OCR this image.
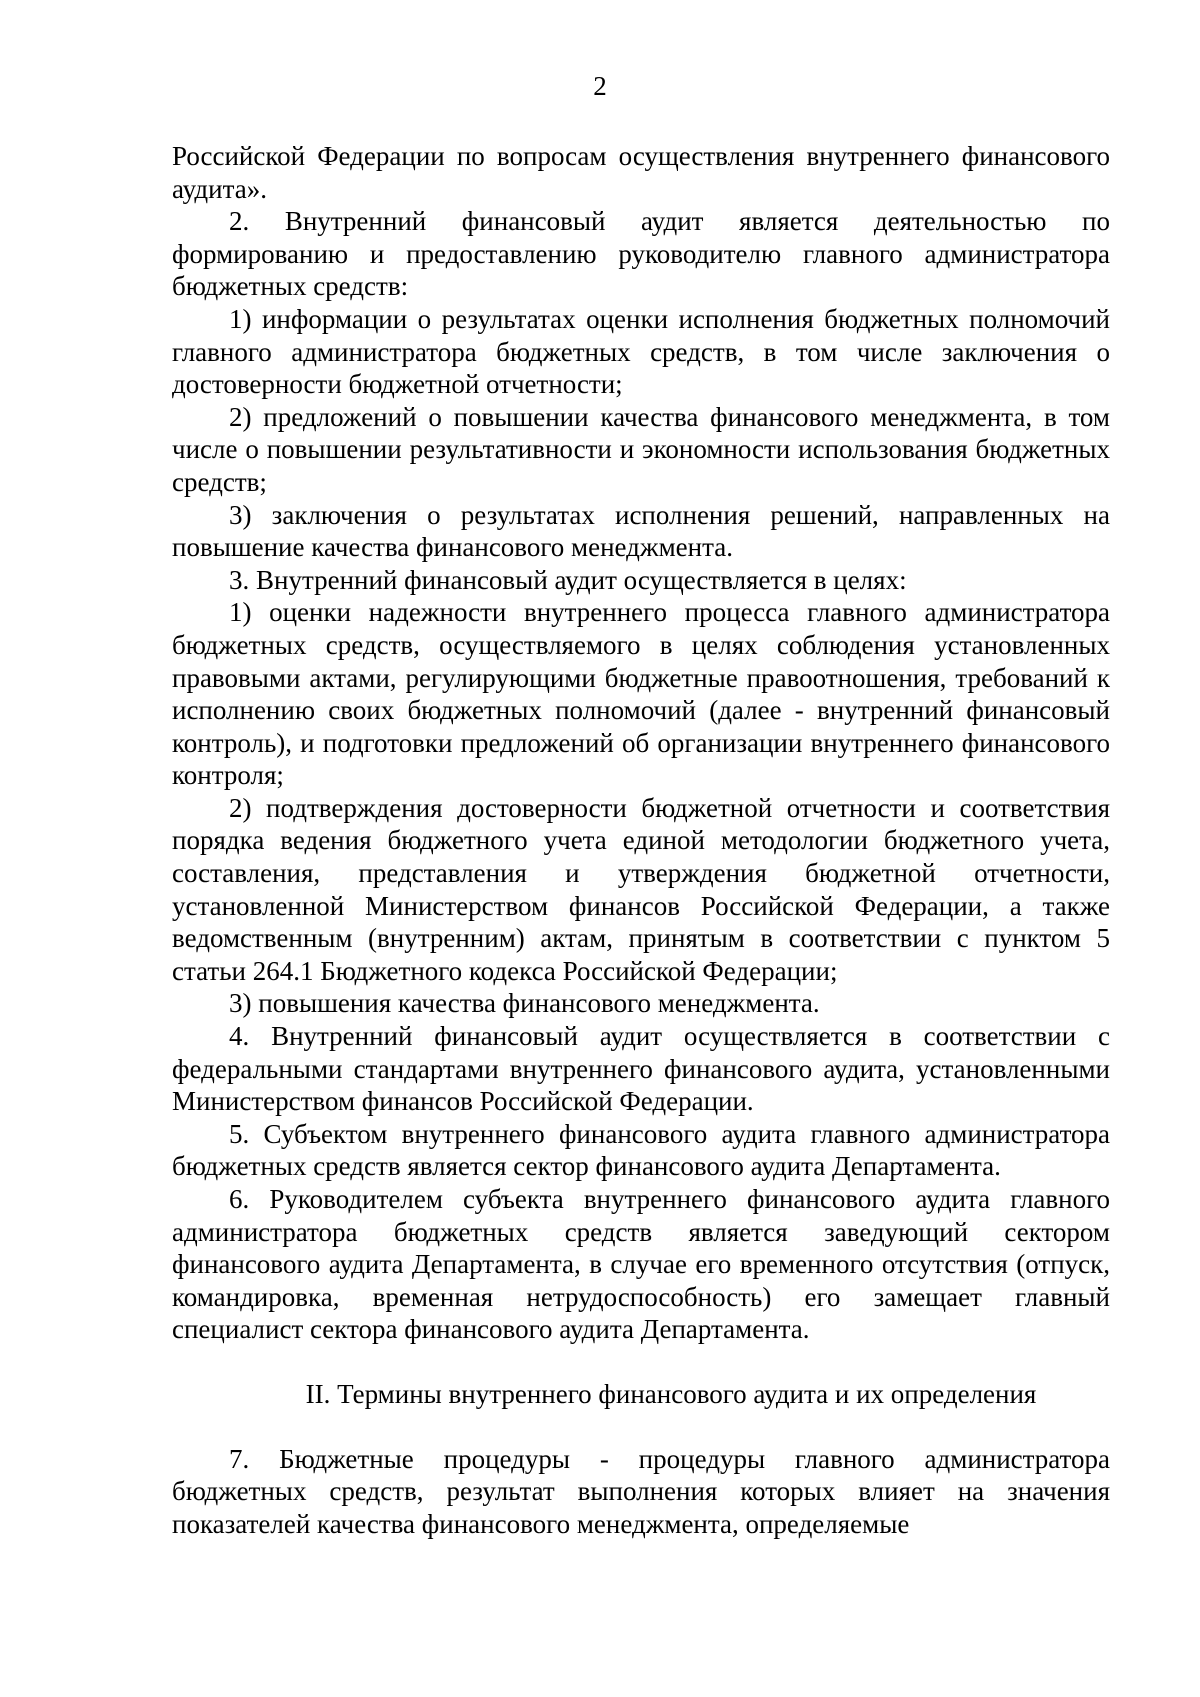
2

Российской Федерации по вопросам осуществления внутреннего финансового аудита».

2. Внутренний финансовый аудит является деятельностью по формированию и предоставлению руководителю главного администратора бюджетных средств:

1) информации о результатах оценки исполнения бюджетных полномочий главного администратора бюджетных средств, в том числе заключения о достоверности бюджетной отчетности;

2) предложений о повышении качества финансового менеджмента, в том числе о повышении результативности и экономности использования бюджетных средств;

3) заключения о результатах исполнения решений, направленных на повышение качества финансового менеджмента.

3. Внутренний финансовый аудит осуществляется в целях:

1) оценки надежности внутреннего процесса главного администратора бюджетных средств, осуществляемого в целях соблюдения установленных правовыми актами, регулирующими бюджетные правоотношения, требований к исполнению своих бюджетных полномочий (далее - внутренний финансовый контроль), и подготовки предложений об организации внутреннего финансового контроля;

2) подтверждения достоверности бюджетной отчетности и соответствия порядка ведения бюджетного учета единой методологии бюджетного учета, составления, представления и утверждения бюджетной отчетности, установленной Министерством финансов Российской Федерации, а также ведомственным (внутренним) актам, принятым в соответствии с пунктом 5 статьи 264.1 Бюджетного кодекса Российской Федерации;

3) повышения качества финансового менеджмента.

4. Внутренний финансовый аудит осуществляется в соответствии с федеральными стандартами внутреннего финансового аудита, установленными Министерством финансов Российской Федерации.

5. Субъектом внутреннего финансового аудита главного администратора бюджетных средств является сектор финансового аудита Департамента.

6. Руководителем субъекта внутреннего финансового аудита главного администратора бюджетных средств является заведующий сектором финансового аудита Департамента, в случае его временного отсутствия (отпуск, командировка, временная нетрудоспособность) его замещает главный специалист сектора финансового аудита Департамента.

II. Термины внутреннего финансового аудита и их определения

7. Бюджетные процедуры - процедуры главного администратора бюджетных средств, результат выполнения которых влияет на значения показателей качества финансового менеджмента, определяемые
